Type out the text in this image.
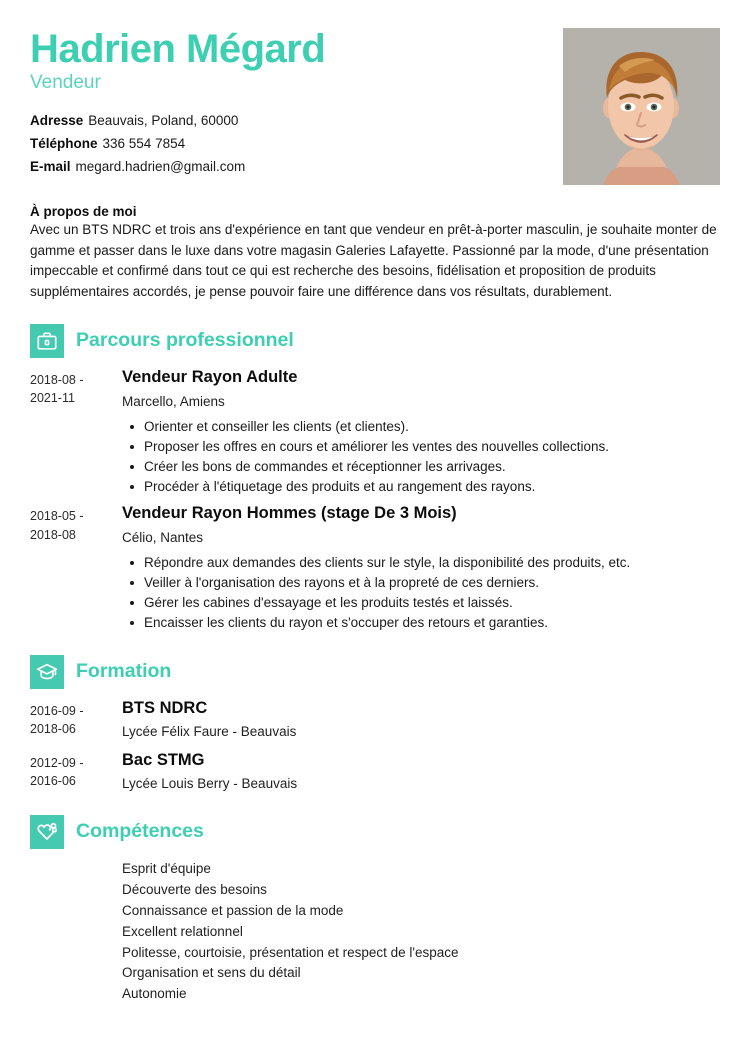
Hadrien Mégard
Vendeur
Adresse Beauvais, Poland, 60000
Téléphone 336 554 7854
E-mail megard.hadrien@gmail.com
À propos de moi

Avec un BTS NDRC et trois ans d'expérience en tant que vendeur en prêt-à-porter masculin, je souhaite monter de gamme et passer dans le luxe dans votre magasin Galeries Lafayette. Passionné par la mode, d'une présentation impeccable et confirmé dans tout ce qui est recherche des besoins, fidélisation et proposition de produits supplémentaires accordés, je pense pouvoir faire une différence dans vos résultats, durablement.

Parcours professionnel
2018-08 - 2021-11
Vendeur Rayon Adulte
Marcello, Amiens
Orienter et conseiller les clients (et clientes).
Proposer les offres en cours et améliorer les ventes des nouvelles collections.
Créer les bons de commandes et réceptionner les arrivages.
Procéder à l'étiquetage des produits et au rangement des rayons.
2018-05 - 2018-08
Vendeur Rayon Hommes (stage De 3 Mois)
Célio, Nantes
Répondre aux demandes des clients sur le style, la disponibilité des produits, etc.
Veiller à l'organisation des rayons et à la propreté de ces derniers.
Gérer les cabines d'essayage et les produits testés et laissés.
Encaisser les clients du rayon et s'occuper des retours et garanties.
Formation
2016-09 - 2018-06
BTS NDRC
Lycée Félix Faure - Beauvais
2012-09 - 2016-06
Bac STMG
Lycée Louis Berry - Beauvais
Compétences
Esprit d'équipe
Découverte des besoins
Connaissance et passion de la mode
Excellent relationnel
Politesse, courtoisie, présentation et respect de l'espace
Organisation et sens du détail
Autonomie
